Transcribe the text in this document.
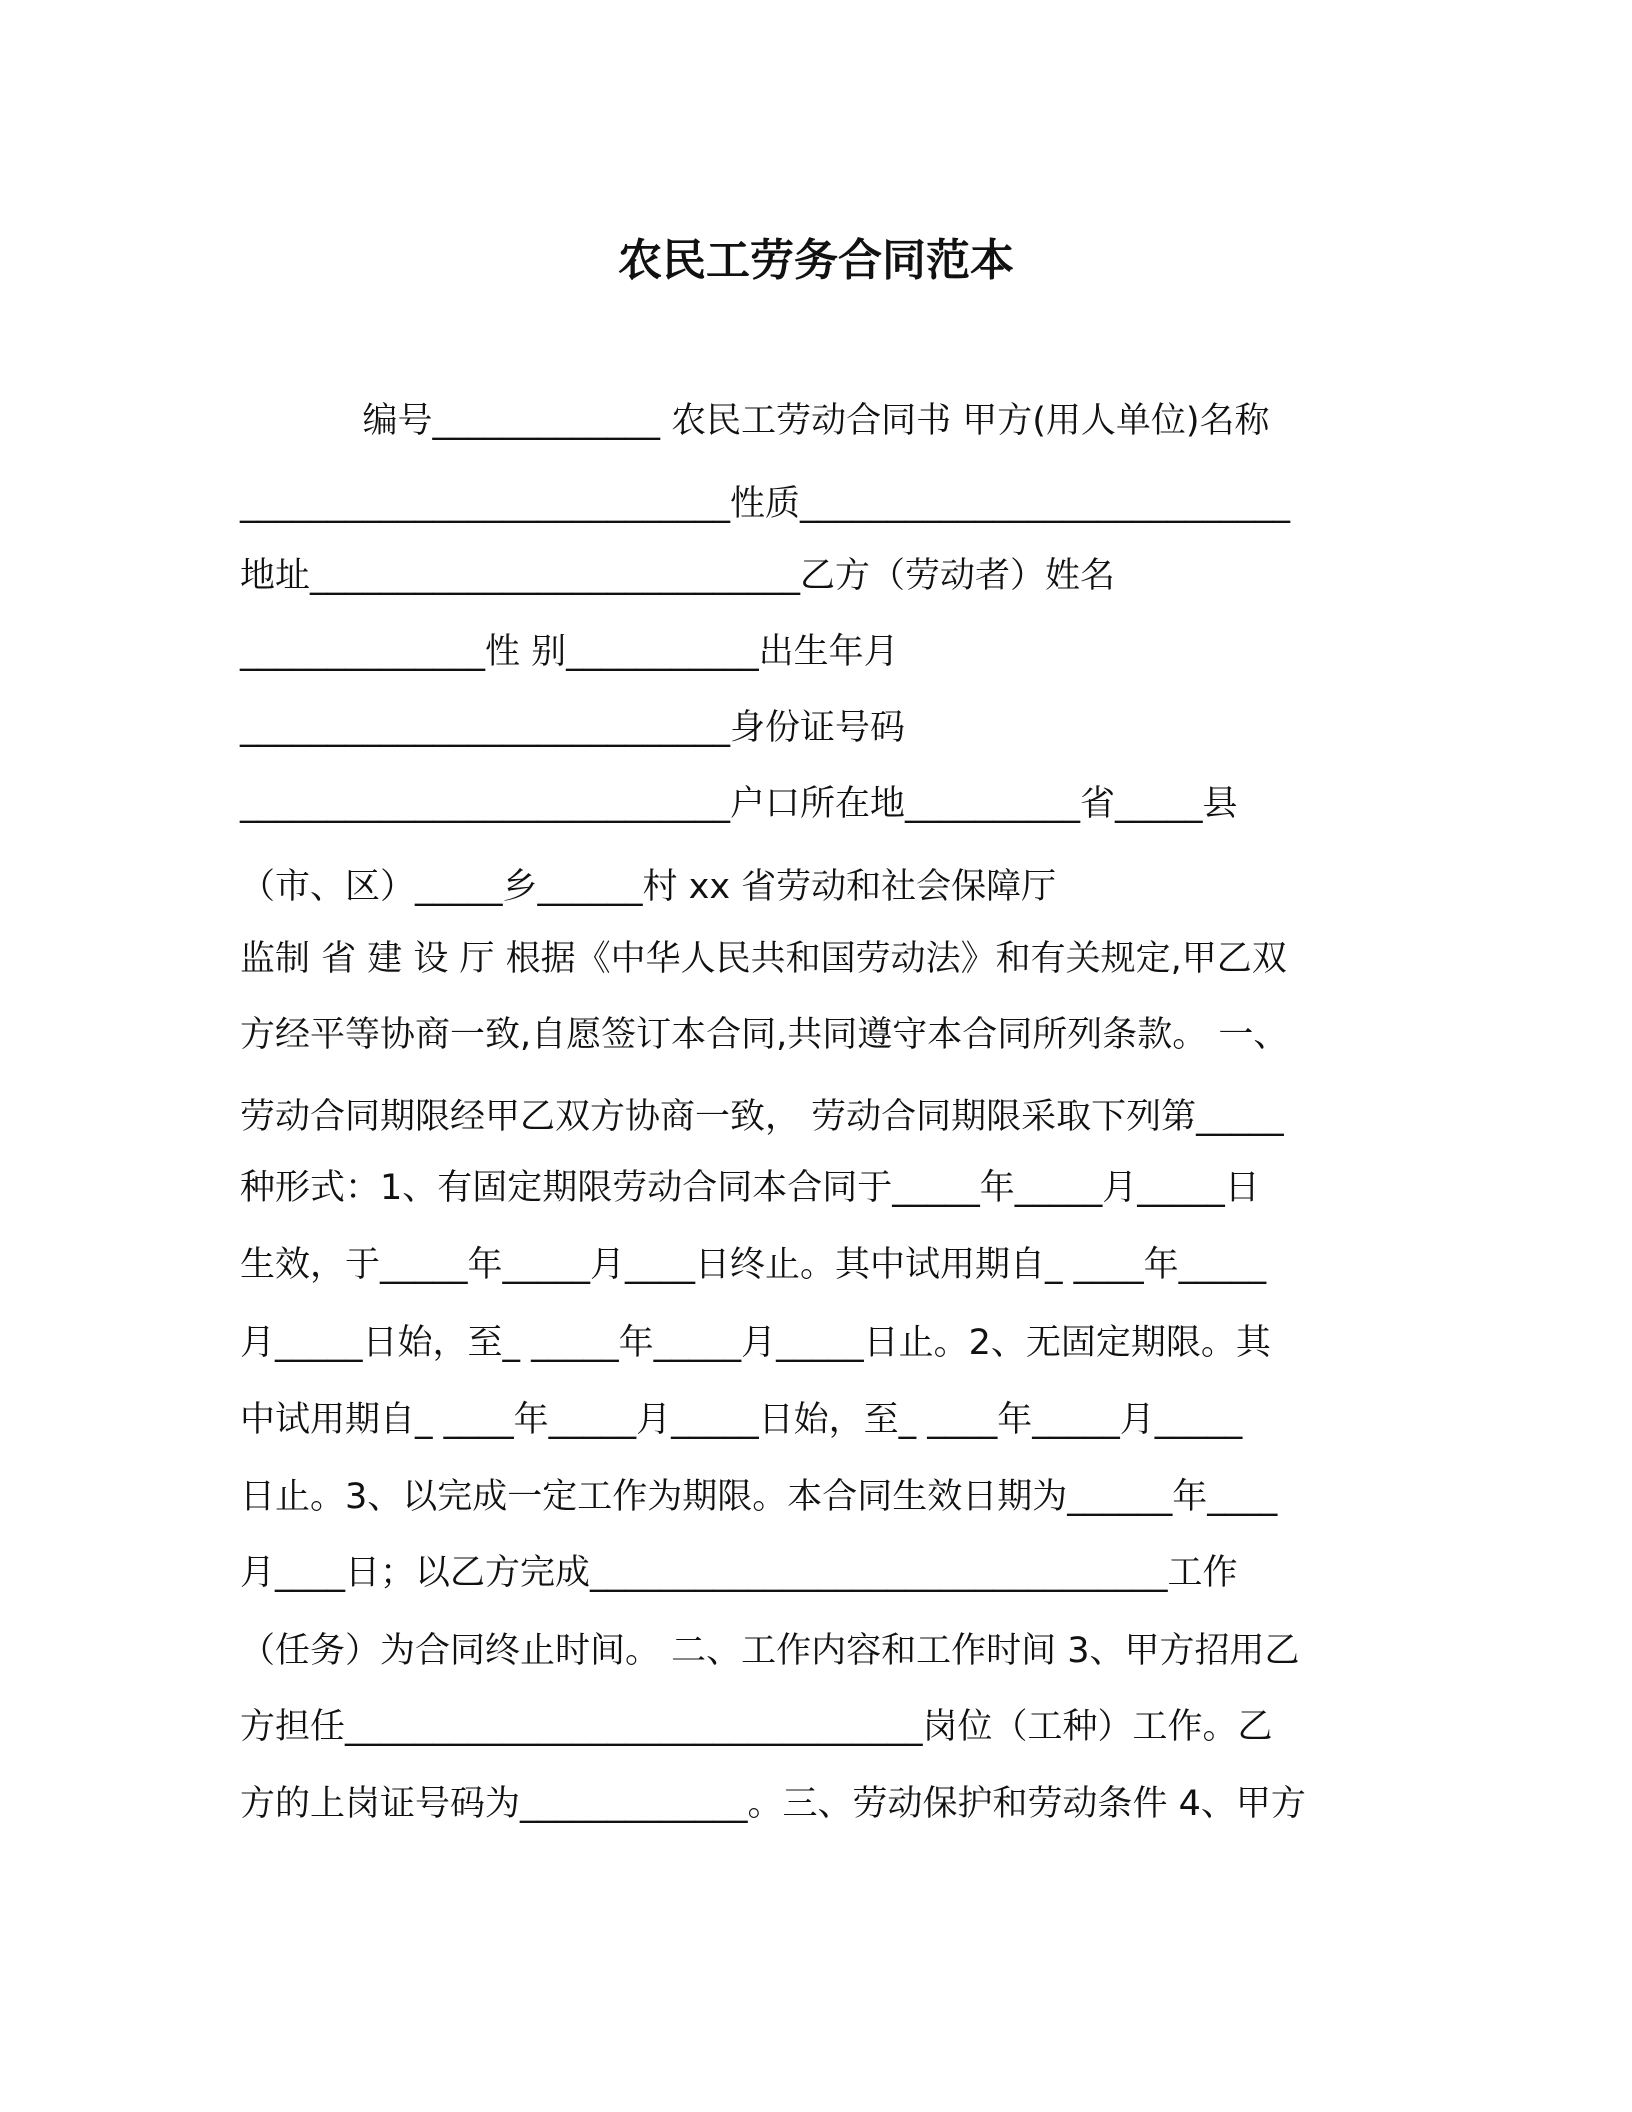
农民工劳务合同范本
编号_____________ 农民工劳动合同书 甲方(用人单位)名称
____________________________性质____________________________
地址____________________________乙方（劳动者）姓名
______________性 别___________出生年月
____________________________身份证号码
____________________________户口所在地__________省_____县
（市、区）_____乡______村 xx 省劳动和社会保障厅
监制 省 建 设 厅 根据《中华人民共和国劳动法》和有关规定,甲乙双
方经平等协商一致,自愿签订本合同,共同遵守本合同所列条款。 一、
劳动合同期限经甲乙双方协商一致， 劳动合同期限采取下列第_____
种形式：1、有固定期限劳动合同本合同于_____年_____月_____日
生效，于_____年_____月____日终止。其中试用期自_ ____年_____
月_____日始，至_ _____年_____月_____日止。2、无固定期限。其
中试用期自_ ____年_____月_____日始，至_ ____年_____月_____
日止。3、以完成一定工作为期限。本合同生效日期为______年____
月____日；以乙方完成_________________________________工作
（任务）为合同终止时间。 二、工作内容和工作时间 3、甲方招用乙
方担任_________________________________岗位（工种）工作。乙
方的上岗证号码为_____________。三、劳动保护和劳动条件 4、甲方
